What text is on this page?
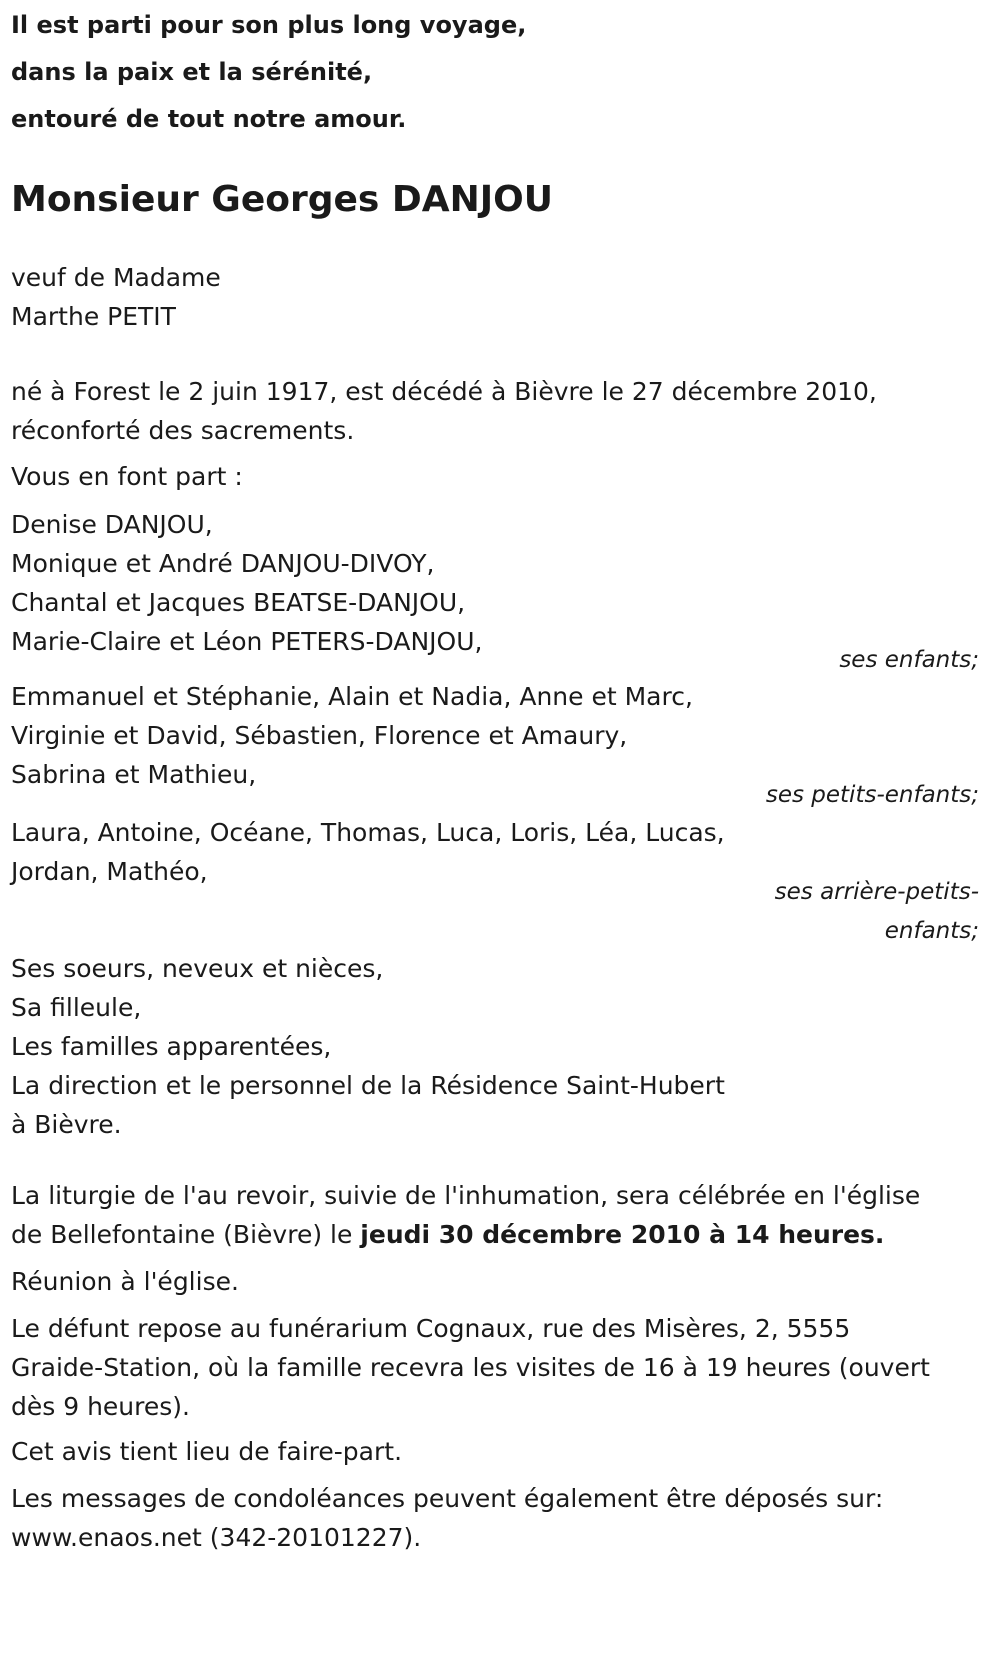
Il est parti pour son plus long voyage,
dans la paix et la sérénité,
entouré de tout notre amour.
Monsieur Georges DANJOU
veuf de Madame
Marthe PETIT
né à Forest le 2 juin 1917, est décédé à Bièvre le 27 décembre 2010,
réconforté des sacrements.
Vous en font part :
Denise DANJOU,
Monique et André DANJOU-DIVOY,
Chantal et Jacques BEATSE-DANJOU,
Marie-Claire et Léon PETERS-DANJOU,
ses enfants;
Emmanuel et Stéphanie, Alain et Nadia, Anne et Marc,
Virginie et David, Sébastien, Florence et Amaury,
Sabrina et Mathieu,
ses petits-enfants;
Laura, Antoine, Océane, Thomas, Luca, Loris, Léa, Lucas,
Jordan, Mathéo,
ses arrière-petits-
enfants;
Ses soeurs, neveux et nièces,
Sa filleule,
Les familles apparentées,
La direction et le personnel de la Résidence Saint-Hubert
à Bièvre.
La liturgie de l'au revoir, suivie de l'inhumation, sera célébrée en l'église
de Bellefontaine (Bièvre) le jeudi 30 décembre 2010 à 14 heures.
Réunion à l'église.
Le défunt repose au funérarium Cognaux, rue des Misères, 2, 5555
Graide-Station, où la famille recevra les visites de 16 à 19 heures (ouvert
dès 9 heures).
Cet avis tient lieu de faire-part.
Les messages de condoléances peuvent également être déposés sur:
www.enaos.net (342-20101227).
